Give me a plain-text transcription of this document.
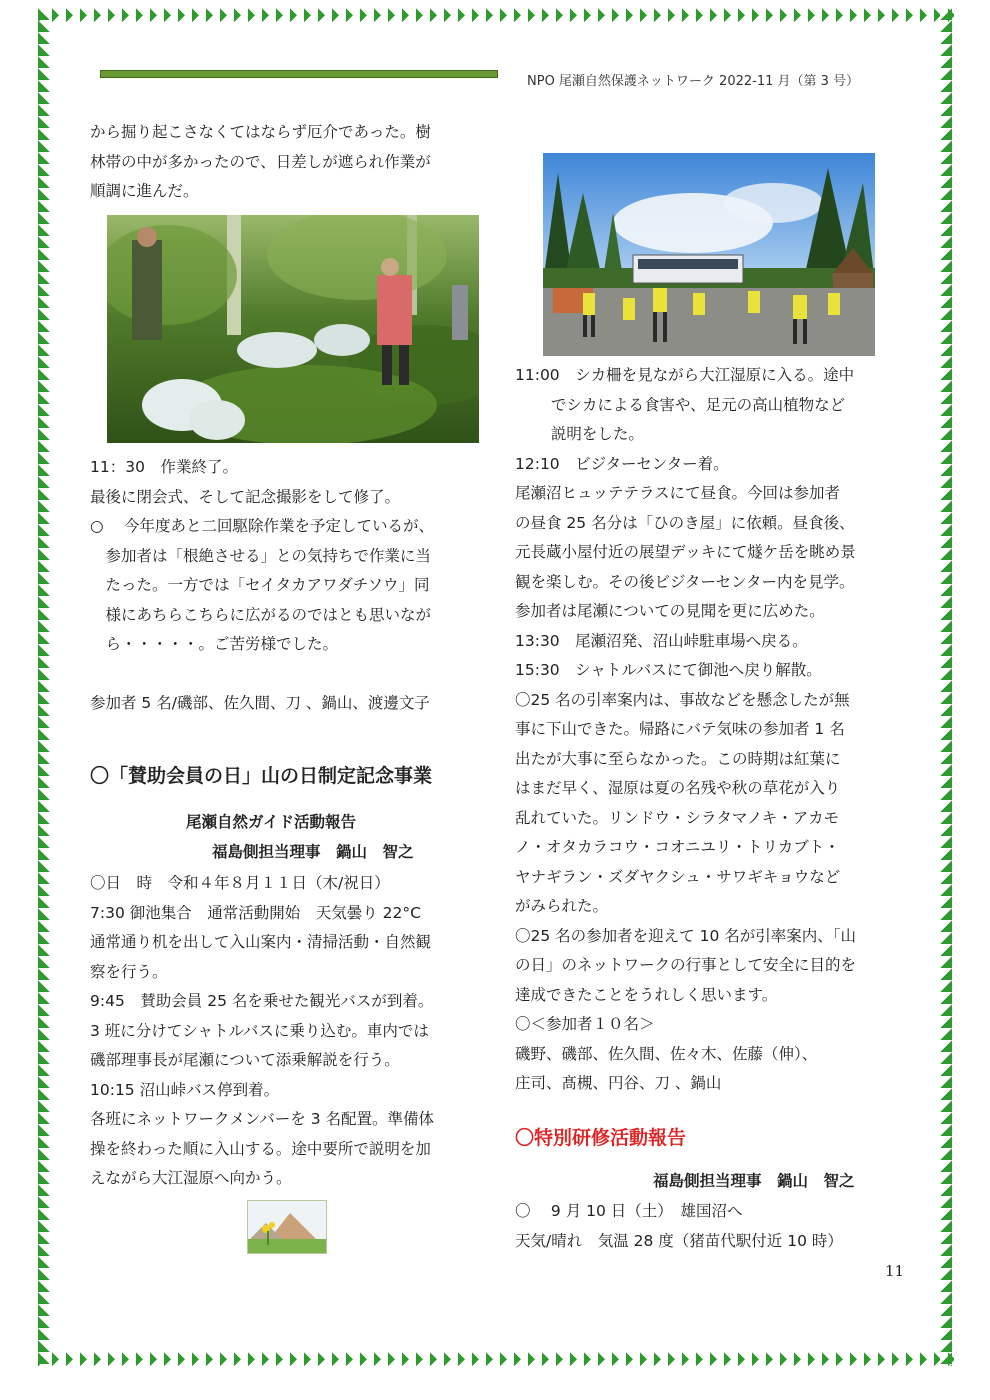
NPO 尾瀬自然保護ネットワーク 2022-11 月（第 3 号）

から掘り起こさなくてはならず厄介であった。樹

林帯の中が多かったので、日差しが遮られ作業が

順調に進んだ。

11：30　作業終了。

最後に閉会式、そして記念撮影をして修了。

○　 今年度あと二回駆除作業を予定しているが、

　参加者は「根絶させる」との気持ちで作業に当

　たった。一方では「セイタカアワダチソウ」同

　様にあちらこちらに広がるのではとも思いなが

　ら・・・・・。ご苦労様でした。

参加者 5 名/磯部、佐久間、刀 、鍋山、渡邊文子

〇「賛助会員の日」山の日制定記念事業

尾瀬自然ガイド活動報告

福島側担当理事　鍋山　智之

〇日　時　令和４年８月１１日（木/祝日）

7:30 御池集合　通常活動開始　天気曇り 22°C

通常通り机を出して入山案内・清掃活動・自然観

察を行う。

9:45　賛助会員 25 名を乗せた観光バスが到着。

3 班に分けてシャトルバスに乗り込む。車内では

磯部理事長が尾瀬について添乗解説を行う。

10:15 沼山峠バス停到着。

各班にネットワークメンバーを 3 名配置。準備体

操を終わった順に入山する。途中要所で説明を加

えながら大江湿原へ向かう。

11:00　シカ柵を見ながら大江湿原に入る。途中

　　 でシカによる食害や、足元の高山植物など

　　 説明をした。

12:10　ビジターセンター着。

尾瀬沼ヒュッテテラスにて昼食。今回は参加者

の昼食 25 名分は「ひのき屋」に依頼。昼食後、

元長蔵小屋付近の展望デッキにて燧ケ岳を眺め景

観を楽しむ。その後ビジターセンター内を見学。

参加者は尾瀬についての見聞を更に広めた。

13:30　尾瀬沼発、沼山峠駐車場へ戻る。

15:30　シャトルバスにて御池へ戻り解散。

〇25 名の引率案内は、事故などを懸念したが無

事に下山できた。帰路にバテ気味の参加者 1 名

出たが大事に至らなかった。この時期は紅葉に

はまだ早く、湿原は夏の名残や秋の草花が入り

乱れていた。リンドウ・シラタマノキ・アカモ

ノ・オタカラコウ・コオニユリ・トリカブト・

ヤナギラン・ズダヤクシュ・サワギキョウなど

がみられた。

〇25 名の参加者を迎えて 10 名が引率案内、「山

の日」のネットワークの行事として安全に目的を

達成できたことをうれしく思います。

〇＜参加者１０名＞

磯野、磯部、佐久間、佐々木、佐藤（伸）、

庄司、髙槻、円谷、刀 、鍋山

〇特別研修活動報告

福島側担当理事　鍋山　智之

〇　 9 月 10 日（土）　雄国沼へ

天気/晴れ　気温 28 度（猪苗代駅付近 10 時）

11
